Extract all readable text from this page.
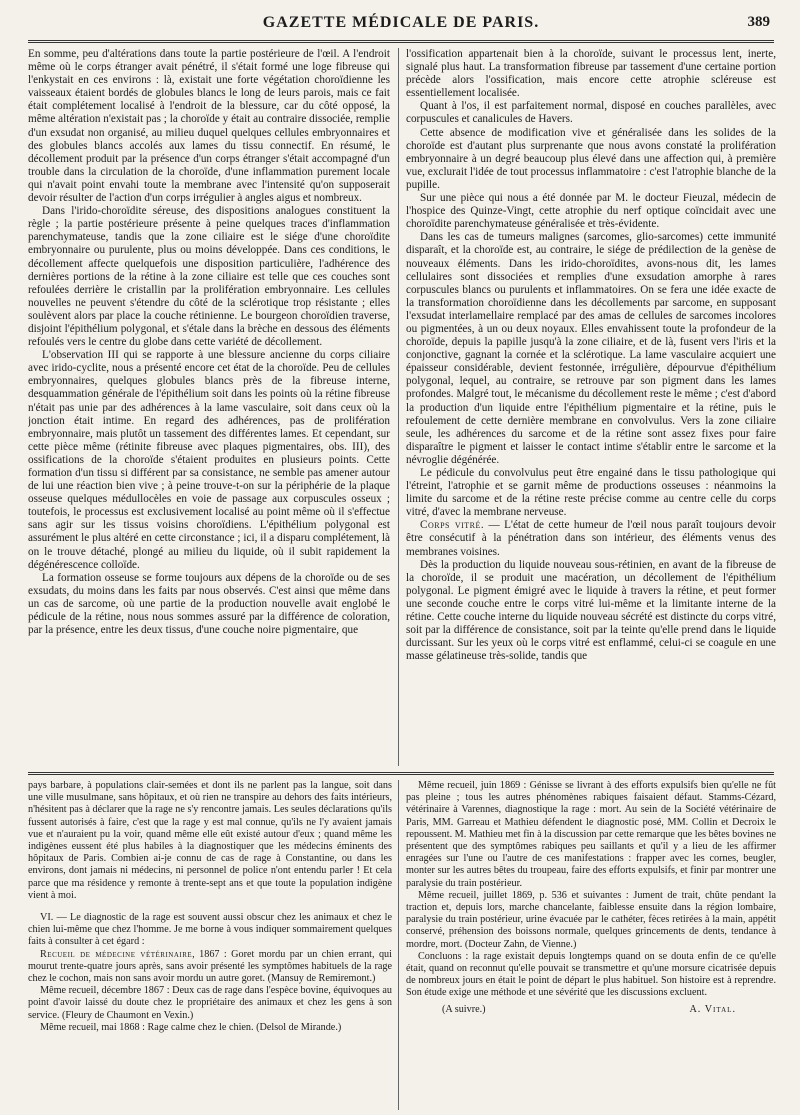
GAZETTE MÉDICALE DE PARIS.	389

En somme, peu d'altérations dans toute la partie postérieure de l'œil. A l'endroit même où le corps étranger avait pénétré, il s'était formé une loge fibreuse qui l'enkystait en ces environs : là, existait une forte végétation choroïdienne les vaisseaux étaient bordés de globules blancs le long de leurs parois, mais ce fait était complétement localisé à l'endroit de la blessure, car du côté opposé, la même altération n'existait pas ; la choroïde y était au contraire dissociée, remplie d'un exsudat non organisé, au milieu duquel quelques cellules embryonnaires et des globules blancs accolés aux lames du tissu connectif. En résumé, le décollement produit par la présence d'un corps étranger s'était accompagné d'un trouble dans la circulation de la choroïde, d'une inflammation purement locale qui n'avait point envahi toute la membrane avec l'intensité qu'on supposerait devoir résulter de l'action d'un corps irrégulier à angles aigus et nombreux.

Dans l'irido-choroïdite séreuse, des dispositions analogues constituent la règle ; la partie postérieure présente à peine quelques traces d'inflammation parenchymateuse, tandis que la zone ciliaire est le siége d'une choroïdite embryonnaire ou purulente, plus ou moins développée. Dans ces conditions, le décollement affecte quelquefois une disposition particulière, l'adhérence des dernières portions de la rétine à la zone ciliaire est telle que ces couches sont refoulées derrière le cristallin par la prolifération embryonnaire. Les cellules nouvelles ne peuvent s'étendre du côté de la sclérotique trop résistante ; elles soulèvent alors par place la couche rétinienne. Le bourgeon choroïdien traverse, disjoint l'épithélium polygonal, et s'étale dans la brèche en dessous des éléments refoulés vers le centre du globe dans cette variété de décollement.

L'observation III qui se rapporte à une blessure ancienne du corps ciliaire avec irido-cyclite, nous a présenté encore cet état de la choroïde. Peu de cellules embryonnaires, quelques globules blancs près de la fibreuse interne, desquammation générale de l'épithélium soit dans les points où la rétine fibreuse n'était pas unie par des adhérences à la lame vasculaire, soit dans ceux où la jonction était intime. En regard des adhérences, pas de prolifération embryonnaire, mais plutôt un tassement des différentes lames. Et cependant, sur cette pièce même (rétinite fibreuse avec plaques pigmentaires, obs. III), des ossifications de la choroïde s'étaient produites en plusieurs points. Cette formation d'un tissu si différent par sa consistance, ne semble pas amener autour de lui une réaction bien vive ; à peine trouve-t-on sur la périphérie de la plaque osseuse quelques médullocèles en voie de passage aux corpuscules osseux ; toutefois, le processus est exclusivement localisé au point même où il s'effectue sans agir sur les tissus voisins choroïdiens. L'épithélium polygonal est assurément le plus altéré en cette circonstance ; ici, il a disparu complétement, là on le trouve détaché, plongé au milieu du liquide, où il subit rapidement la dégénérescence colloïde.

La formation osseuse se forme toujours aux dépens de la choroïde ou de ses exsudats, du moins dans les faits par nous observés. C'est ainsi que même dans un cas de sarcome, où une partie de la production nouvelle avait englobé le pédicule de la rétine, nous nous sommes assuré par la différence de coloration, par la présence, entre les deux tissus, d'une couche noire pigmentaire, que

l'ossification appartenait bien à la choroïde, suivant le processus lent, inerte, signalé plus haut. La transformation fibreuse par tassement d'une certaine portion précède alors l'ossification, mais encore cette atrophie scléreuse est essentiellement localisée.

Quant à l'os, il est parfaitement normal, disposé en couches parallèles, avec corpuscules et canalicules de Havers.

Cette absence de modification vive et généralisée dans les solides de la choroïde est d'autant plus surprenante que nous avons constaté la prolifération embryonnaire à un degré beaucoup plus élevé dans une affection qui, à première vue, exclurait l'idée de tout processus inflammatoire : c'est l'atrophie blanche de la pupille.

Sur une pièce qui nous a été donnée par M. le docteur Fieuzal, médecin de l'hospice des Quinze-Vingt, cette atrophie du nerf optique coïncidait avec une choroïdite parenchymateuse généralisée et très-évidente.

Dans les cas de tumeurs malignes (sarcomes, glio-sarcomes) cette immunité disparaît, et la choroïde est, au contraire, le siége de prédilection de la genèse de nouveaux éléments. Dans les irido-choroïdites, avons-nous dit, les lames cellulaires sont dissociées et remplies d'une exsudation amorphe à rares corpuscules blancs ou purulents et inflammatoires. On se fera une idée exacte de la transformation choroïdienne dans les décollements par sarcome, en supposant l'exsudat interlamellaire remplacé par des amas de cellules de sarcomes incolores ou pigmentées, à un ou deux noyaux. Elles envahissent toute la profondeur de la choroïde, depuis la papille jusqu'à la zone ciliaire, et de là, fusent vers l'iris et la conjonctive, gagnant la cornée et la sclérotique. La lame vasculaire acquiert une épaisseur considérable, devient festonnée, irrégulière, dépourvue d'épithélium polygonal, lequel, au contraire, se retrouve par son pigment dans les lames profondes. Malgré tout, le mécanisme du décollement reste le même ; c'est d'abord la production d'un liquide entre l'épithélium pigmentaire et la rétine, puis le refoulement de cette dernière membrane en convolvulus. Vers la zone ciliaire seule, les adhérences du sarcome et de la rétine sont assez fixes pour faire disparaître le pigment et laisser le contact intime s'établir entre le sarcome et la névroglie dégénérée.

Le pédicule du convolvulus peut être engainé dans le tissu pathologique qui l'étreint, l'atrophie et se garnit même de productions osseuses : néanmoins la limite du sarcome et de la rétine reste précise comme au centre celle du corps vitré, d'avec la membrane nerveuse.

Corps vitré. — L'état de cette humeur de l'œil nous paraît toujours devoir être consécutif à la pénétration dans son intérieur, des éléments venus des membranes voisines.

Dès la production du liquide nouveau sous-rétinien, en avant de la fibreuse de la choroïde, il se produit une macération, un décollement de l'épithélium polygonal. Le pigment émigré avec le liquide à travers la rétine, et peut former une seconde couche entre le corps vitré lui-même et la limitante interne de la rétine. Cette couche interne du liquide nouveau sécrété est distincte du corps vitré, soit par la différence de consistance, soit par la teinte qu'elle prend dans le liquide durcissant. Sur les yeux où le corps vitré est enflammé, celui-ci se coagule en une masse gélatineuse très-solide, tandis que

pays barbare, à populations clair-semées et dont ils ne parlent pas la langue, soit dans une ville musulmane, sans hôpitaux, et où rien ne transpire au dehors des faits intérieurs, n'hésitent pas à déclarer que la rage ne s'y rencontre jamais. Les seules déclarations qu'ils fussent autorisés à faire, c'est que la rage y est mal connue, qu'ils ne l'y avaient jamais vue et n'auraient pu la voir, quand même elle eût existé autour d'eux ; quand même les indigènes eussent été plus habiles à la diagnostiquer que les médecins éminents des hôpitaux de Paris. Combien ai-je connu de cas de rage à Constantine, ou dans les environs, dont jamais ni médecins, ni personnel de police n'ont entendu parler ! Et cela parce que ma résidence y remonte à trente-sept ans et que toute la population indigène vient à moi.

VI. — Le diagnostic de la rage est souvent aussi obscur chez les animaux et chez le chien lui-même que chez l'homme. Je me borne à vous indiquer sommairement quelques faits à consulter à cet égard :

Recueil de médecine vétérinaire, 1867 : Goret mordu par un chien errant, qui mourut trente-quatre jours après, sans avoir présenté les symptômes habituels de la rage chez le cochon, mais non sans avoir mordu un autre goret. (Mansuy de Remiremont.)

Même recueil, décembre 1867 : Deux cas de rage dans l'espèce bovine, équivoques au point d'avoir laissé du doute chez le propriétaire des animaux et chez les gens à son service. (Fleury de Chaumont en Vexin.)

Même recueil, mai 1868 : Rage calme chez le chien. (Delsol de Mirande.)

Même recueil, juin 1869 : Génisse se livrant à des efforts expulsifs bien qu'elle ne fût pas pleine ; tous les autres phénomènes rabiques faisaient défaut. Stamms-Cézard, vétérinaire à Varennes, diagnostique la rage : mort. Au sein de la Société vétérinaire de Paris, MM. Garreau et Mathieu défendent le diagnostic posé, MM. Collin et Decroix le repoussent. M. Mathieu met fin à la discussion par cette remarque que les bêtes bovines ne présentent que des symptômes rabiques peu saillants et qu'il y a lieu de les affirmer enragées sur l'une ou l'autre de ces manifestations : frapper avec les cornes, beugler, monter sur les autres bêtes du troupeau, faire des efforts expulsifs, et finir par montrer une paralysie du train postérieur.

Même recueil, juillet 1869, p. 536 et suivantes : Jument de trait, chûte pendant la traction et, depuis lors, marche chancelante, faiblesse ensuite dans la région lombaire, paralysie du train postérieur, urine évacuée par le cathéter, fèces retirées à la main, appétit conservé, préhension des boissons normale, quelques grincements de dents, tendance à mordre, mort. (Docteur Zahn, de Vienne.)

Concluons : la rage existait depuis longtemps quand on se douta enfin de ce qu'elle était, quand on reconnut qu'elle pouvait se transmettre et qu'une morsure cicatrisée depuis de nombreux jours en était le point de départ le plus habituel. Son histoire est à reprendre. Son étude exige une méthode et une sévérité que les discussions excluent.

(A suivre.)	A. Vital.
